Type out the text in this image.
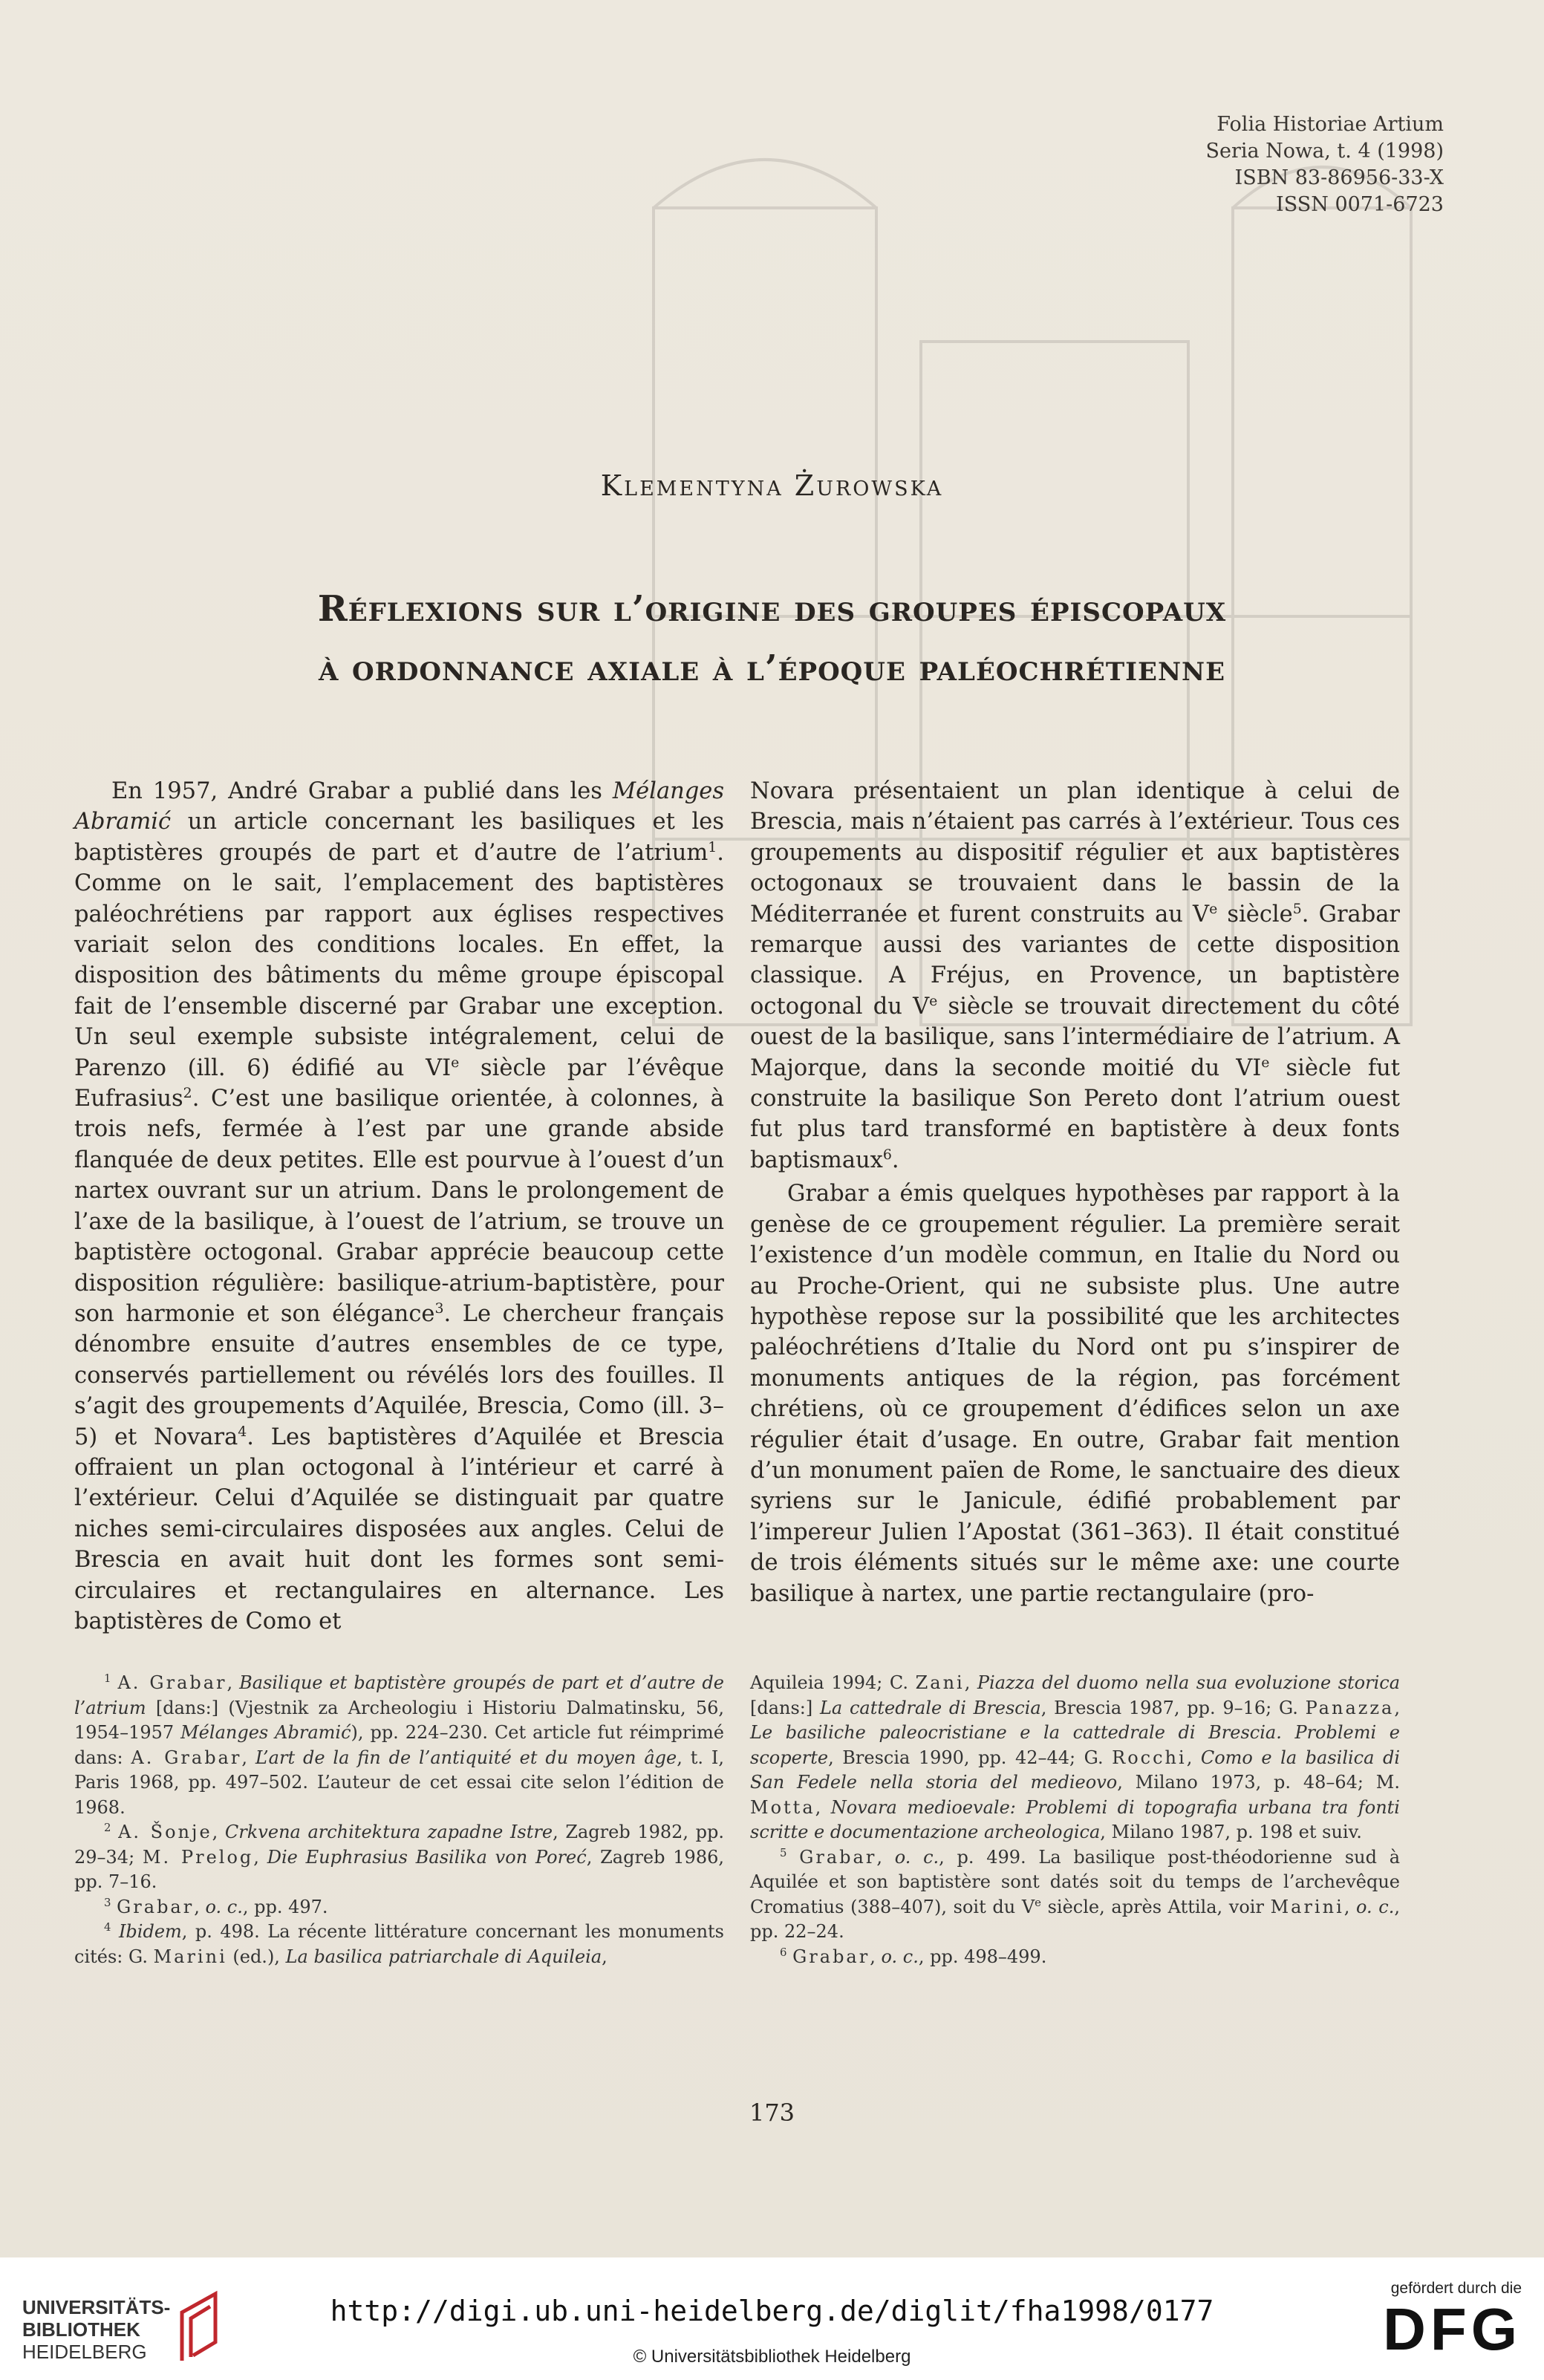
Folia Historiae Artium
Seria Nowa, t. 4 (1998)
ISBN 83-86956-33-X
ISSN 0071-6723
Klementyna Żurowska
Réflexions sur l’origine des groupes épiscopaux
à ordonnance axiale à l’époque paléochrétienne

En 1957, André Grabar a publié dans les Mélanges Abramić un article concernant les basiliques et les baptistères groupés de part et d’autre de l’atrium$^1$. Comme on le sait, l’emplacement des baptistères paléochrétiens par rapport aux églises respectives variait selon des conditions locales. En effet, la disposition des bâtiments du même groupe épiscopal fait de l’ensemble discerné par Grabar une exception. Un seul exemple subsiste intégralement, celui de Parenzo (ill. 6) édifié au VIe siècle par l’évêque Eufrasius$^2$. C’est une basilique orientée, à colonnes, à trois nefs, fermée à l’est par une grande abside flanquée de deux petites. Elle est pourvue à l’ouest d’un nartex ouvrant sur un atrium. Dans le prolongement de l’axe de la basilique, à l’ouest de l’atrium, se trouve un baptistère octogonal. Grabar apprécie beaucoup cette disposition régulière: basilique-atrium-baptistère, pour son harmonie et son élégance$^3$. Le chercheur français dénombre ensuite d’autres ensembles de ce type, conservés partiellement ou révélés lors des fouilles. Il s’agit des groupements d’Aquilée, Brescia, Como (ill. 3–5) et Novara$^4$. Les baptistères d’Aquilée et Brescia offraient un plan octogonal à l’intérieur et carré à l’extérieur. Celui d’Aquilée se distinguait par quatre niches semi-circulaires disposées aux angles. Celui de Brescia en avait huit dont les formes sont semi-circulaires et rectangulaires en alternance. Les baptistères de Como et

Novara présentaient un plan identique à celui de Brescia, mais n’étaient pas carrés à l’extérieur. Tous ces groupements au dispositif régulier et aux baptistères octogonaux se trouvaient dans le bassin de la Méditerranée et furent construits au Ve siècle$^5$. Grabar remarque aussi des variantes de cette disposition classique. A Fréjus, en Provence, un baptistère octogonal du Ve siècle se trouvait directement du côté ouest de la basilique, sans l’intermédiaire de l’atrium. A Majorque, dans la seconde moitié du VIe siècle fut construite la basilique Son Pereto dont l’atrium ouest fut plus tard transformé en baptistère à deux fonts baptismaux$^6$.

Grabar a émis quelques hypothèses par rapport à la genèse de ce groupement régulier. La première serait l’existence d’un modèle commun, en Italie du Nord ou au Proche-Orient, qui ne subsiste plus. Une autre hypothèse repose sur la possibilité que les architectes paléochrétiens d’Italie du Nord ont pu s’inspirer de monuments antiques de la région, pas forcément chrétiens, où ce groupement d’édifices selon un axe régulier était d’usage. En outre, Grabar fait mention d’un monument païen de Rome, le sanctuaire des dieux syriens sur le Janicule, édifié probablement par l’impereur Julien l’Apostat (361–363). Il était constitué de trois éléments situés sur le même axe: une courte basilique à nartex, une partie rectangulaire (pro-

$^1$ A. Grabar, Basilique et baptistère groupés de part et d’autre de l’atrium [dans:] (Vjestnik za Archeologiu i Historiu Dalmatinsku, 56, 1954–1957 Mélanges Abramić), pp. 224–230. Cet article fut réimprimé dans: A. Grabar, L’art de la fin de l’antiquité et du moyen âge, t. I, Paris 1968, pp. 497–502. L’auteur de cet essai cite selon l’édition de 1968.

$^2$ A. Šonje, Crkvena architektura zapadne Istre, Zagreb 1982, pp. 29–34; M. Prelog, Die Euphrasius Basilika von Poreć, Zagreb 1986, pp. 7–16.

$^3$ Grabar, o. c., pp. 497.

$^4$ Ibidem, p. 498. La récente littérature concernant les monuments cités: G. Marini (ed.), La basilica patriarchale di Aquileia,

Aquileia 1994; C. Zani, Piazza del duomo nella sua evoluzione storica [dans:] La cattedrale di Brescia, Brescia 1987, pp. 9–16; G. Panazza, Le basiliche paleocristiane e la cattedrale di Brescia. Problemi e scoperte, Brescia 1990, pp. 42–44; G. Rocchi, Como e la basilica di San Fedele nella storia del medieovo, Milano 1973, p. 48–64; M. Motta, Novara medioevale: Problemi di topografia urbana tra fonti scritte e documentazione archeologica, Milano 1987, p. 198 et suiv.

$^5$ Grabar, o. c., p. 499. La basilique post-théodorienne sud à Aquilée et son baptistère sont datés soit du temps de l’archevêque Cromatius (388–407), soit du Ve siècle, après Attila, voir Marini, o. c., pp. 22–24.

$^6$ Grabar, o. c., pp. 498–499.

173
UNIVERSITÄTS-
BIBLIOTHEK
HEIDELBERG
http://digi.ub.uni-heidelberg.de/diglit/fha1998/0177
© Universitätsbibliothek Heidelberg
gefördert durch die
DFG
